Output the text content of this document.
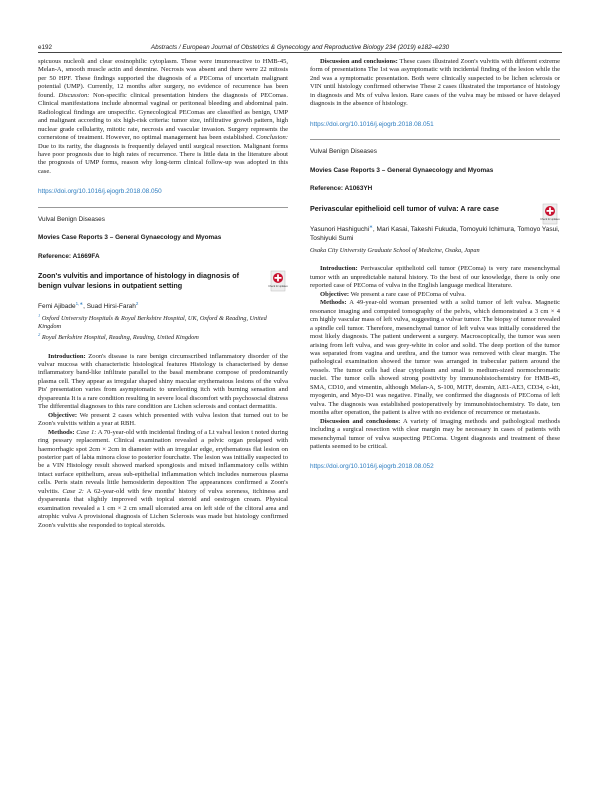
e192	Abstracts / European Journal of Obstetrics & Gynecology and Reproductive Biology 234 (2019) e182–e230

spicuous nucleoli and clear eosinophilic cytoplasm. These were imunoreactive to HMB-45, Melan-A, smooth muscle actin and desmine. Necrosis was absent and there were 22 mitosis per 50 HPF. These findings supported the diagnosis of a PEComa of uncertain malignant potential (UMP). Currently, 12 months after surgery, no evidence of recurrence has been found. Discussion: Non-specific clinical presentation hinders the diagnosis of PEComas. Clinical manifestations include abnormal vaginal or peritoneal bleeding and abdominal pain. Radiological findings are unspecific. Gynecological PEComas are classified as benign, UMP and malignant according to six high-risk criteria: tumor size, infiltrative growth pattern, high nuclear grade cellularity, mitotic rate, necrosis and vascular invasion. Surgery represents the cornerstone of treatment. However, no optimal management has been established. Conclusion: Due to its rarity, the diagnosis is frequently delayed until surgical resection. Malignant forms have poor prognosis due to high rates of recurrence. There is little data in the literature about the prognosis of UMP forms, reason why long-term clinical follow-up was adopted in this case.

https://doi.org/10.1016/j.ejogrb.2018.08.050
Vulval Benign Diseases
Movies Case Reports 3 – General Gynaecology and Myomas
Reference: A1669FA
Zoon's vulvitis and importance of histology in diagnosis of benign vulvar lesions in outpatient setting	Check for updates
Femi Ajibade$^{1,∗}$, Suad Hirsi-Farah$^2$
$^1$ Oxford University Hospitals & Royal Berkshire Hospital, UK, Oxford & Reading, United Kingdom
$^2$ Royal Berkshire Hospital, Reading, Reading, United Kingdom

Introduction: Zoon's disease is rare benign circumscribed inflammatory disorder of the vulvar mucosa with characteristic histological features Histology is characterised by dense inflammatory band-like infiltrate parallel to the basal membrane compose of predominantly plasma cell. They appear as irregular shaped shiny macular erythematous lesions of the vulva Pts' presentation varies from asymptomatic to unrelenting itch with burning sensation and dyspareunia It is a rare condition resulting in severe local discomfort with psychosocial distress The differential diagnoses to this rare condition are Lichen sclerosis and contact dermatitis.

Objective: We present 2 cases which presented with vulva lesion that turned out to be Zoon's vulvitis within a year at RBH.

Methods: Case 1: A 70-year-old with incidental finding of a Lt valval lesion t noted during ring pessary replacement. Clinical examination revealed a pelvic organ prolapsed with haemorrhagic spot 2cm × 2cm in diameter with an irregular edge, erythematous flat lesion on posterior part of labia minora close to posterior fourchatte. The lesion was initially suspected to be a VIN Histology result showed marked spongiosis and mixed inflammatory cells within intact surface epithelium, areas sub-epithelial inflammation which includes numerous plasma cells. Peris stain reveals little hemosiderin deposition The appearances confirmed a Zoon's vulvitis. Case 2: A 62-year-old with few months' history of vulva soreness, itchiness and dyspareunia that slightly improved with topical steroid and oestrogen cream. Physical examination revealed a 1 cm × 2 cm small ulcerated area on left side of the clitoral area and atrophic vulva A provisional diagnosis of Lichen Sclerosis was made but histology confirmed Zoon's vulvitis she responded to topical steroids.

Discussion and conclusions: These cases illustrated Zoon's vulvitis with different extreme form of presentations The 1st was asymptomatic with incidental finding of the lesion while the 2nd was a symptomatic presentation. Both were clinically suspected to be lichen sclerosis or VIN until histology confirmed otherwise These 2 cases illustrated the importance of histology in diagnosis and Mx of vulva lesion. Rare cases of the vulva may be missed or have delayed diagnosis in the absence of histology.

https://doi.org/10.1016/j.ejogrb.2018.08.051
Vulval Benign Diseases
Movies Case Reports 3 – General Gynaecology and Myomas
Reference: A1063YH
Perivascular epithelioid cell tumor of vulva: A rare case
Check for updates
Yasunori Hashiguchi∗, Mari Kasai, Takeshi Fukuda, Tomoyuki Ichimura, Tomoyo Yasui, Toshiyuki Sumi
Osaka City University Graduate School of Medicine, Osaka, Japan

Introduction: Perivascular epithelioid cell tumor (PEComa) is very rare mesenchymal tumor with an unpredictable natural history. To the best of our knowledge, there is only one reported case of PEComa of vulva in the English language medical literature.

Objective: We present a rare case of PEComa of vulva.

Methods: A 49-year-old woman presented with a solid tumor of left vulva. Magnetic resonance imaging and computed tomography of the pelvis, which demonstrated a 3 cm × 4 cm highly vascular mass of left vulva, suggesting a vulvar tumor. The biopsy of tumor revealed a spindle cell tumor. Therefore, mesenchymal tumor of left vulva was initially considered the most likely diagnosis. The patient underwent a surgery. Macroscopically, the tumor was seen arising from left vulva, and was grey-white in color and solid. The deep portion of the tumor was separated from vagina and urethra, and the tumor was removed with clear margin. The pathological examination showed the tumor was arranged in trabecular pattern around the vessels. The tumor cells had clear cytoplasm and small to medium-sized normochromatic nuclei. The tumor cells showed strong positivity by immunohistochemistry for HMB-45, SMA, CD10, and vimentin, although Melan-A, S-100, MiTF, desmin, AE1-AE3, CD34, c-kit, myogenin, and Myo-D1 was negative. Finally, we confirmed the diagnosis of PEComa of left vulva. The diagnosis was established postoperatively by immunohistochemistry. To date, ten months after operation, the patient is alive with no evidence of recurrence or metastasis.

Discussion and conclusions: A variety of imaging methods and pathological methods including a surgical resection with clear margin may be necessary in cases of patients with mesenchymal tumor of vulva suspecting PEComa. Urgent diagnosis and treatment of these patients seemed to be critical.

https://doi.org/10.1016/j.ejogrb.2018.08.052
